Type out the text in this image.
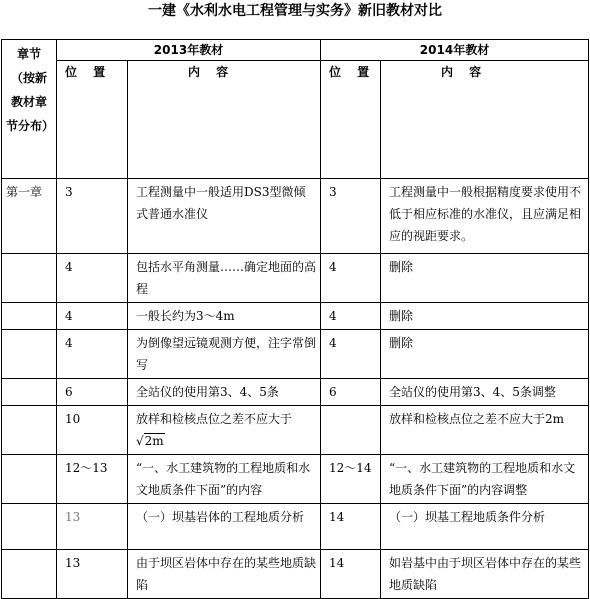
一建《水利水电工程管理与实务》新旧教材对比
章节（按新教材章节分布）	2013年教材		2014年教材	
	位 置	内 容	位 置	内 容
第一章	3	工程测量中一般适用DS3型微倾式普通水准仪	3	工程测量中一般根据精度要求使用不低于相应标准的水准仪，且应满足相应的视距要求。
	4	包括水平角测量……确定地面的高程	4	删除
	4	一般长约为3～4m	4	删除
	4	为倒像望远镜观测方便，注字常倒写	4	删除
	6	全站仪的使用第3、4、5条	6	全站仪的使用第3、4、5条调整
	10	放样和检核点位之差不应大于√2m		放样和检核点位之差不应大于2m
	12～13	“一、水工建筑物的工程地质和水文地质条件下面”的内容	12～14	“一、水工建筑物的工程地质和水文地质条件下面”的内容调整
	13	（一）坝基岩体的工程地质分析	14	（一）坝基工程地质条件分析
	13	由于坝区岩体中存在的某些地质缺陷	14	如岩基中由于坝区岩体中存在的某些地质缺陷
